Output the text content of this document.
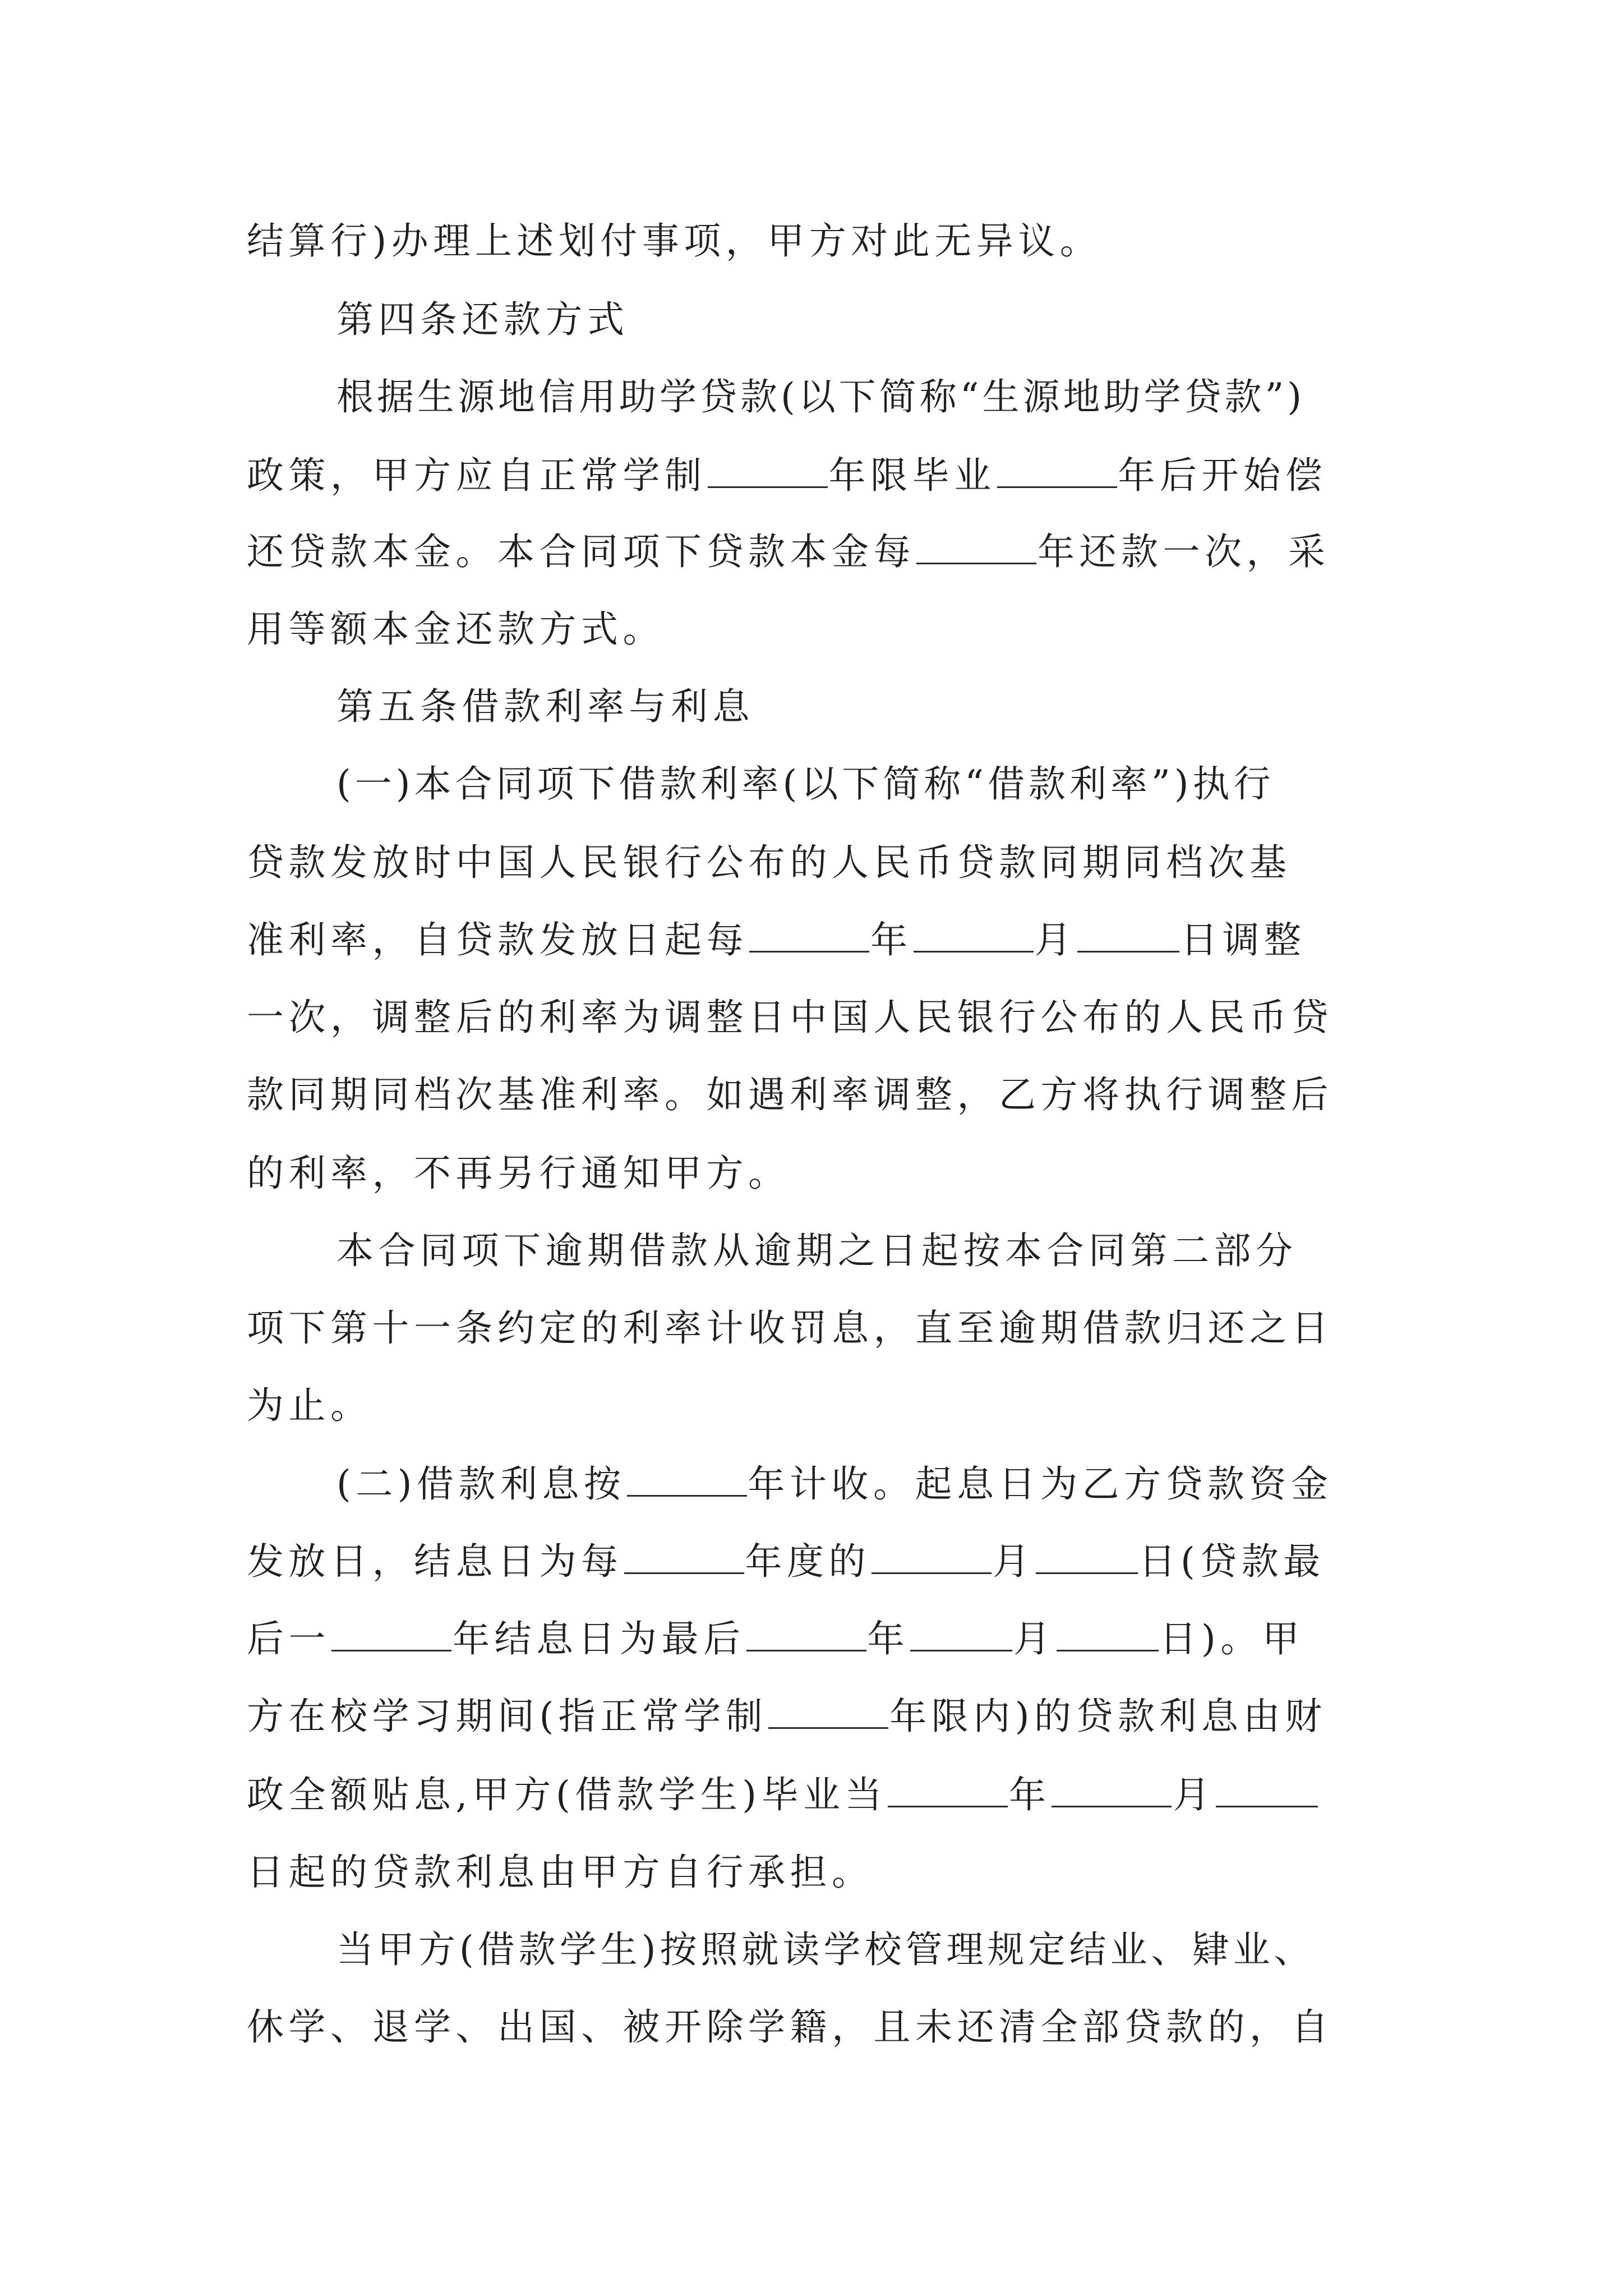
结算行)办理上述划付事项，甲方对此无异议。
第四条还款方式
根据生源地信用助学贷款(以下简称“生源地助学贷款”)
政策，甲方应自正常学制	年限毕业	年后开始偿
还贷款本金。本合同项下贷款本金每	年还款一次，采
用等额本金还款方式。
第五条借款利率与利息
(一)本合同项下借款利率(以下简称“借款利率”)执行
贷款发放时中国人民银行公布的人民币贷款同期同档次基
准利率，自贷款发放日起每	年	月	日调整
一次，调整后的利率为调整日中国人民银行公布的人民币贷
款同期同档次基准利率。如遇利率调整，乙方将执行调整后
的利率，不再另行通知甲方。
本合同项下逾期借款从逾期之日起按本合同第二部分
项下第十一条约定的利率计收罚息，直至逾期借款归还之日
为止。
(二)借款利息按	年计收。起息日为乙方贷款资金
发放日，结息日为每	年度的	月	日(贷款最
后一	年结息日为最后	年	月	日)。甲
方在校学习期间(指正常学制	年限内)的贷款利息由财
政全额贴息,甲方(借款学生)毕业当	年	月
日起的贷款利息由甲方自行承担。
当甲方(借款学生)按照就读学校管理规定结业、肄业、
休学、退学、出国、被开除学籍，且未还清全部贷款的，自
